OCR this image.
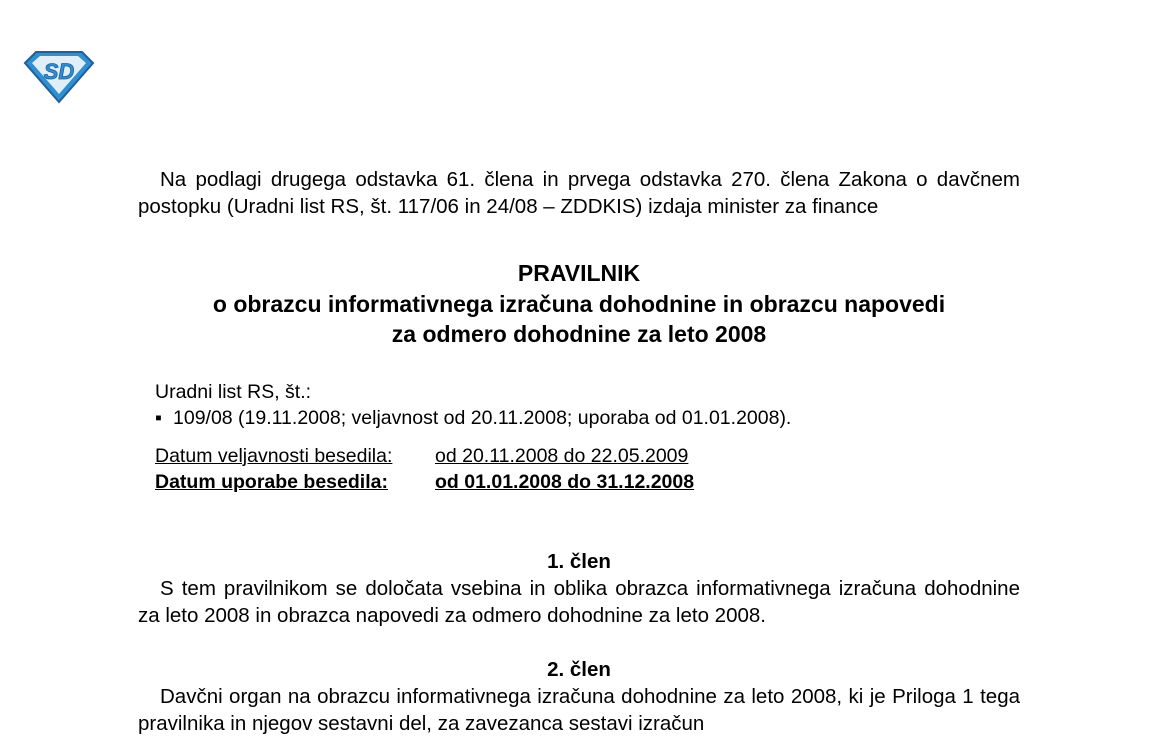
SD

Na podlagi drugega odstavka 61. člena in prvega odstavka 270. člena Zakona o davčnem postopku (Uradni list RS, št. 117/06 in 24/08 – ZDDKIS) izdaja minister za finance

PRAVILNIK
o obrazcu informativnega izračuna dohodnine in obrazcu napovedi
za odmero dohodnine za leto 2008
Uradni list RS, št.:
▪ 109/08 (19.11.2008; veljavnost od 20.11.2008; uporaba od 01.01.2008).
Datum veljavnosti besedila: od 20.11.2008 do 22.05.2009
Datum uporabe besedila: od 01.01.2008 do 31.12.2008

1. člen

S tem pravilnikom se določata vsebina in oblika obrazca informativnega izračuna dohodnine za leto 2008 in obrazca napovedi za odmero dohodnine za leto 2008.

2. člen

Davčni organ na obrazcu informativnega izračuna dohodnine za leto 2008, ki je Priloga 1 tega pravilnika in njegov sestavni del, za zavezanca sestavi izračun
